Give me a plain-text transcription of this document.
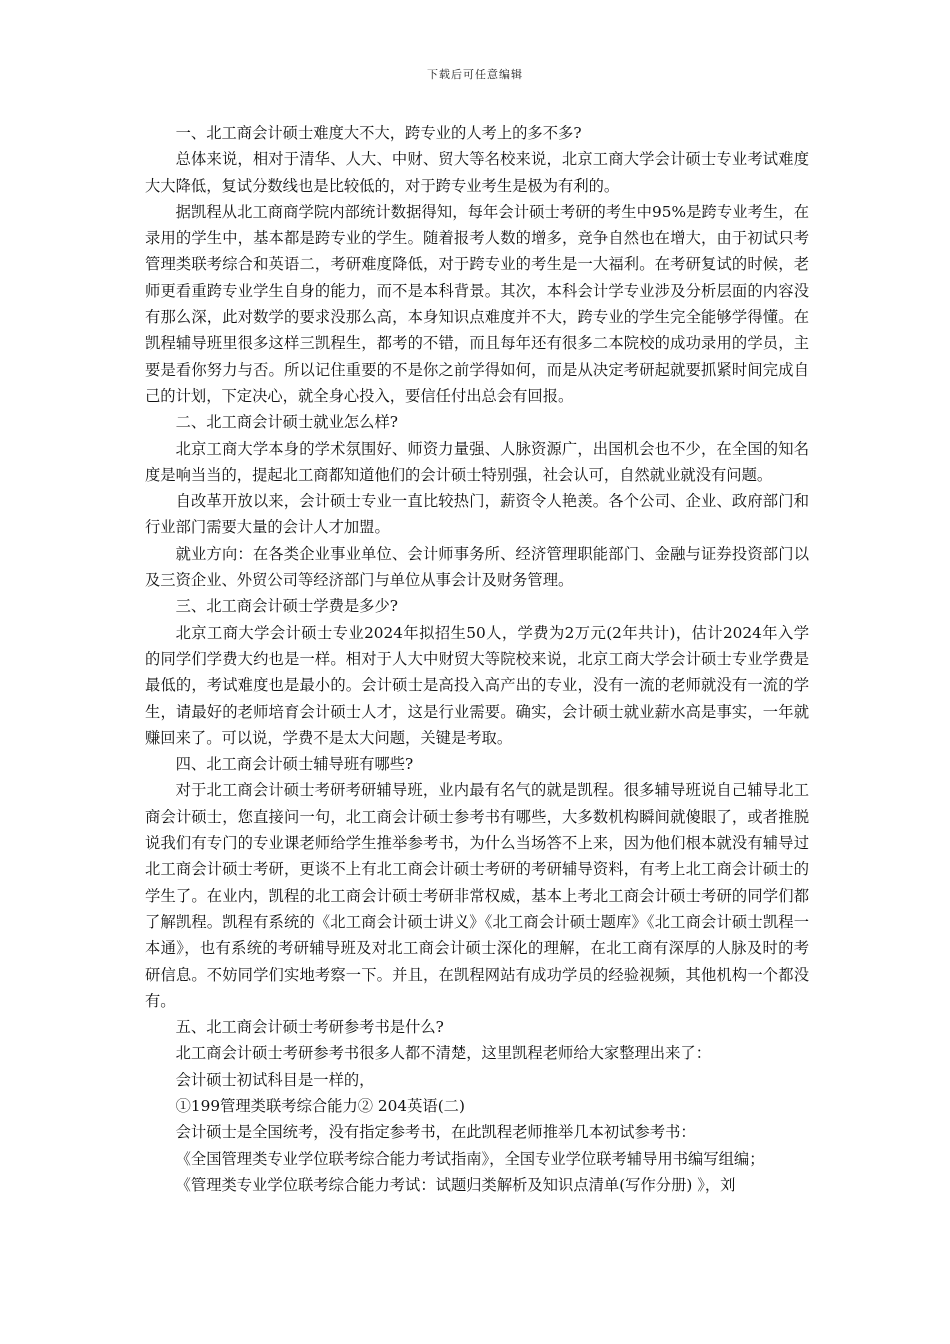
下载后可任意编辑

一、北工商会计硕士难度大不大，跨专业的人考上的多不多?

总体来说，相对于清华、人大、中财、贸大等名校来说，北京工商大学会计硕士专业考试难度大大降低，复试分数线也是比较低的，对于跨专业考生是极为有利的。

据凯程从北工商商学院内部统计数据得知，每年会计硕士考研的考生中95%是跨专业考生，在录用的学生中，基本都是跨专业的学生。随着报考人数的增多，竞争自然也在增大，由于初试只考管理类联考综合和英语二，考研难度降低，对于跨专业的考生是一大福利。在考研复试的时候，老师更看重跨专业学生自身的能力，而不是本科背景。其次，本科会计学专业涉及分析层面的内容没有那么深，此对数学的要求没那么高，本身知识点难度并不大，跨专业的学生完全能够学得懂。在凯程辅导班里很多这样三凯程生，都考的不错，而且每年还有很多二本院校的成功录用的学员，主要是看你努力与否。所以记住重要的不是你之前学得如何，而是从决定考研起就要抓紧时间完成自己的计划，下定决心，就全身心投入，要信任付出总会有回报。

二、北工商会计硕士就业怎么样?

北京工商大学本身的学术氛围好、师资力量强、人脉资源广，出国机会也不少，在全国的知名度是响当当的，提起北工商都知道他们的会计硕士特别强，社会认可，自然就业就没有问题。

自改革开放以来，会计硕士专业一直比较热门，薪资令人艳羡。各个公司、企业、政府部门和行业部门需要大量的会计人才加盟。

就业方向：在各类企业事业单位、会计师事务所、经济管理职能部门、金融与证券投资部门以及三资企业、外贸公司等经济部门与单位从事会计及财务管理。

三、北工商会计硕士学费是多少?

北京工商大学会计硕士专业2024年拟招生50人，学费为2万元(2年共计)，估计2024年入学的同学们学费大约也是一样。相对于人大中财贸大等院校来说，北京工商大学会计硕士专业学费是最低的，考试难度也是最小的。会计硕士是高投入高产出的专业，没有一流的老师就没有一流的学生，请最好的老师培育会计硕士人才，这是行业需要。确实，会计硕士就业薪水高是事实，一年就赚回来了。可以说，学费不是太大问题，关键是考取。

四、北工商会计硕士辅导班有哪些?

对于北工商会计硕士考研考研辅导班，业内最有名气的就是凯程。很多辅导班说自己辅导北工商会计硕士，您直接问一句，北工商会计硕士参考书有哪些，大多数机构瞬间就傻眼了，或者推脱说我们有专门的专业课老师给学生推举参考书，为什么当场答不上来，因为他们根本就没有辅导过北工商会计硕士考研，更谈不上有北工商会计硕士考研的考研辅导资料，有考上北工商会计硕士的学生了。在业内，凯程的北工商会计硕士考研非常权威，基本上考北工商会计硕士考研的同学们都了解凯程。凯程有系统的《北工商会计硕士讲义》《北工商会计硕士题库》《北工商会计硕士凯程一本通》，也有系统的考研辅导班及对北工商会计硕士深化的理解，在北工商有深厚的人脉及时的考研信息。不妨同学们实地考察一下。并且，在凯程网站有成功学员的经验视频，其他机构一个都没有。

五、北工商会计硕士考研参考书是什么?

北工商会计硕士考研参考书很多人都不清楚，这里凯程老师给大家整理出来了：

会计硕士初试科目是一样的，

①199管理类联考综合能力② 204英语(二)

会计硕士是全国统考，没有指定参考书，在此凯程老师推举几本初试参考书：

《全国管理类专业学位联考综合能力考试指南》，全国专业学位联考辅导用书编写组编；

《管理类专业学位联考综合能力考试：试题归类解析及知识点清单(写作分册) 》，刘
